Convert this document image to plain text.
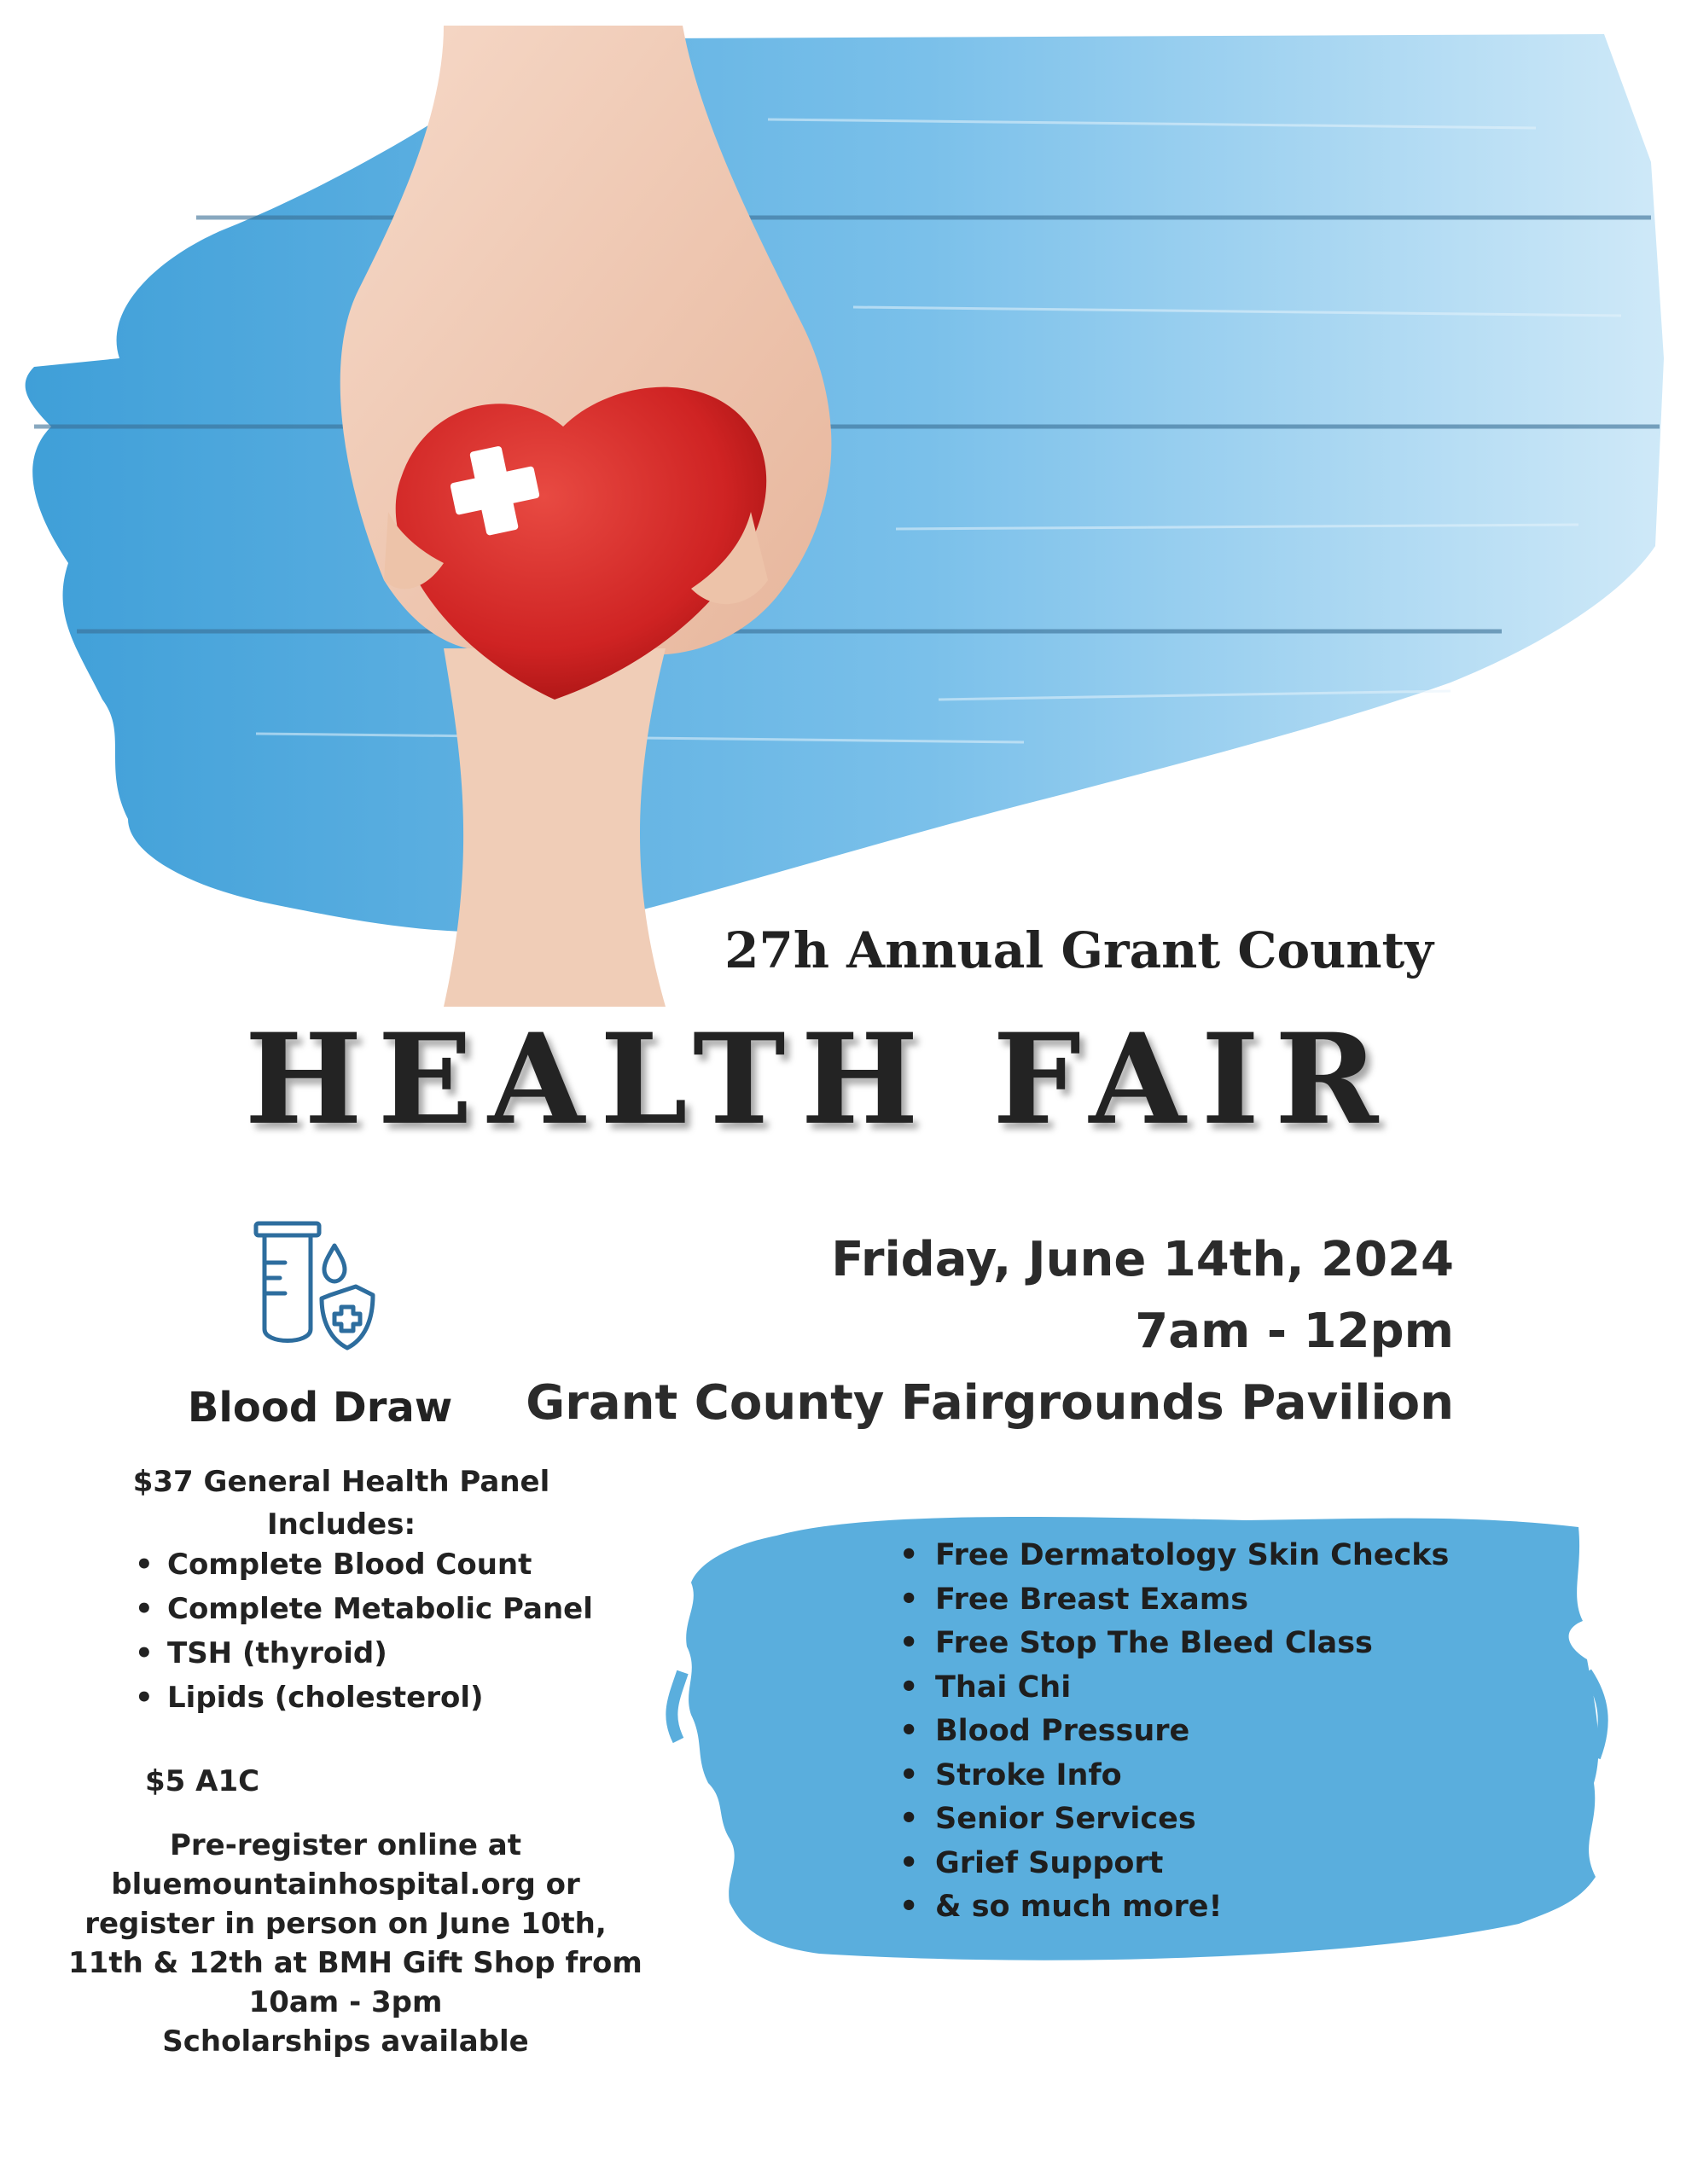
27h Annual Grant County
HEALTH FAIR
Friday, June 14th, 2024
7am - 12pm
Grant County Fairgrounds Pavilion
Blood Draw
$37 General Health Panel
Includes:
• Complete Blood Count
• Complete Metabolic Panel
• TSH (thyroid)
• Lipids (cholesterol)
$5 A1C
Pre-register online at
bluemountainhospital.org or
register in person on June 10th,
11th & 12th at BMH Gift Shop from
10am - 3pm
Scholarships available
• Free Dermatology Skin Checks
• Free Breast Exams
• Free Stop The Bleed Class
• Thai Chi
• Blood Pressure
• Stroke Info
• Senior Services
• Grief Support
• & so much more!
